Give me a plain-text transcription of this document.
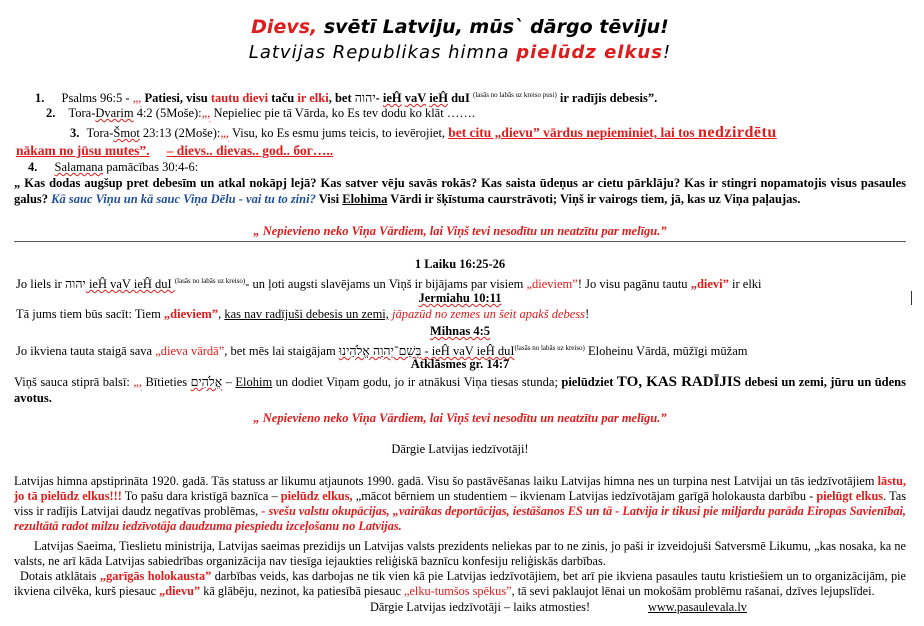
Dievs, svētī Latviju, mūs` dārgo tēviju!
Latvijas Republikas himna pielūdz elkus!
1. Psalms 96:5 - „, Patiesi, visu tautu dievi taču ir elki, bet יהוה- ieĤ vaV ieĤ duI $^{(lasās no labās uz kreiso pusi)}$ ir radījis debesis”.
2. Tora-Dvarim 4:2 (5Moše):„, Nepieliec pie tā Vārda, ko Es tev dodu ko klāt …….
3. Tora-Šmot 23:13 (2Moše):„, Visu, ko Es esmu jums teicis, to ievērojiet, bet citu „dievu” vārdus nepieminiet, lai tos nedzirdētu
nākam no jūsu mutes”. – dievs.. dievas.. god.. бог…..
4. Salamana pamācības 30:4-6:
„ Kas dodas augšup pret debesīm un atkal nokāpj lejā? Kas satver vēju savās rokās? Kas saista ūdeņus ar cietu pārklāju? Kas ir stingri nopamatojis visus pasaules galus? Kā sauc Viņu un kā sauc Viņa Dēlu - vai tu to zini? Visi Elohima Vārdi ir šķīstuma caurstrāvoti; Viņš ir vairogs tiem, jā, kas uz Viņa paļaujas.
„ Nepievieno neko Viņa Vārdiem, lai Viņš tevi nesodītu un neatzītu par melīgu.”
1 Laiku 16:25-26
Jo liels ir יהוה ieĤ vaV ieĤ duI $^{(lasās no labās uz kreiso)}$- un ļoti augsti slavējams un Viņš ir bijājams par visiem „dieviem”! Jo visu pagānu tautu „dievi” ir elki
Jermiahu 10:11
Tā jums tiem būs sacīt: Tiem „dieviem”, kas nav radījuši debesis un zemi, jāpazūd no zemes un šeit apakš debess!
Mihnas 4:5
Jo ikviena tauta staigā sava „dieva vārdā”, bet mēs lai staigājam בְּשֵׁם־יְהוָה אֱלֹהֵינוּ - ieĤ vaV ieĤ duI$^{(lasās no labās uz kreiso)}$ Eloheinu Vārdā, mūžīgi mūžam
Atklāsmes gr. 14:7
Viņš sauca stiprā balsī: „, Bītieties אֱלֹהִים – Elohim un dodiet Viņam godu, jo ir atnākusi Viņa tiesas stunda; pielūdziet TO, KAS RADĪJIS debesi un zemi, jūru un ūdens avotus.
„ Nepievieno neko Viņa Vārdiem, lai Viņš tevi nesodītu un neatzītu par melīgu.”
Dārgie Latvijas iedzīvotāji!
Latvijas himna apstiprināta 1920. gadā. Tās statuss ar likumu atjaunots 1990. gadā. Visu šo pastāvēšanas laiku Latvijas himna nes un turpina nest Latvijai un tās iedzīvotājiem lāstu, jo tā pielūdz elkus!!! To pašu dara kristīgā baznīca – pielūdz elkus, „mācot bērniem un studentiem – ikvienam Latvijas iedzīvotājam garīgā holokausta darbību - pielūgt elkus. Tas viss ir radījis Latvijai daudz negatīvas problēmas, - svešu valstu okupācijas, „vairākas deportācijas, iestāšanos ES un tā - Latvija ir tikusi pie miljardu parāda Eiropas Savienībai, rezultātā radot milzu iedzīvotāja daudzuma piespiedu izceļošanu no Latvijas.
Latvijas Saeima, Tieslietu ministrija, Latvijas saeimas prezidijs un Latvijas valsts prezidents neliekas par to ne zinis, jo paši ir izveidojuši Satversmē Likumu, „kas nosaka, ka ne valsts, ne arī kāda Latvijas sabiedrības organizācija nav tiesīga iejaukties reliģiskā baznīcu konfesiju reliģiskās darbības.
Dotais atklātais „garīgās holokausta” darbības veids, kas darbojas ne tik vien kā pie Latvijas iedzīvotājiem, bet arī pie ikviena pasaules tautu kristiešiem un to organizācijām, pie ikviena cilvēka, kurš piesauc „dievu” kā glābēju, nezinot, ka patiesībā piesauc „elku-tumšos spēkus”, tā sevi paklaujot lēnai un mokošām problēmu rašanai, dzīves lejupslīdei.
Dārgie Latvijas iedzīvotāji – laiks atmosties!	www.pasaulevala.lv
